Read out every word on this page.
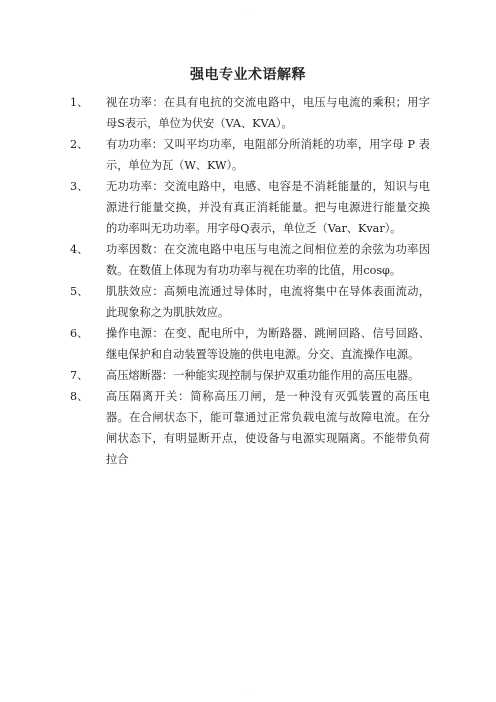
· · ·
强电专业术语解释
1、 视在功率：在具有电抗的交流电路中，电压与电流的乘积；用字母S表示，单位为伏安（VA、KVA）。
2、 有功功率：又叫平均功率，电阻部分所消耗的功率，用字母 P 表示，单位为瓦（W、KW）。
3、 无功功率：交流电路中，电感、电容是不消耗能量的，知识与电源进行能量交换，并没有真正消耗能量。把与电源进行能量交换的功率叫无功功率。用字母Q表示，单位乏（Var、Kvar）。
4、 功率因数：在交流电路中电压与电流之间相位差的余弦为功率因数。在数值上体现为有功功率与视在功率的比值，用cosφ。
5、 肌肤效应：高频电流通过导体时，电流将集中在导体表面流动，此现象称之为肌肤效应。
6、 操作电源：在变、配电所中，为断路器、跳闸回路、信号回路、继电保护和自动装置等设施的供电电源。分交、直流操作电源。
7、 高压熔断器：一种能实现控制与保护双重功能作用的高压电器。
8、 高压隔离开关：简称高压刀闸，是一种没有灭弧装置的高压电器。在合闸状态下，能可靠通过正常负载电流与故障电流。在分闸状态下，有明显断开点，使设备与电源实现隔离。不能带负荷拉合
· · ·
